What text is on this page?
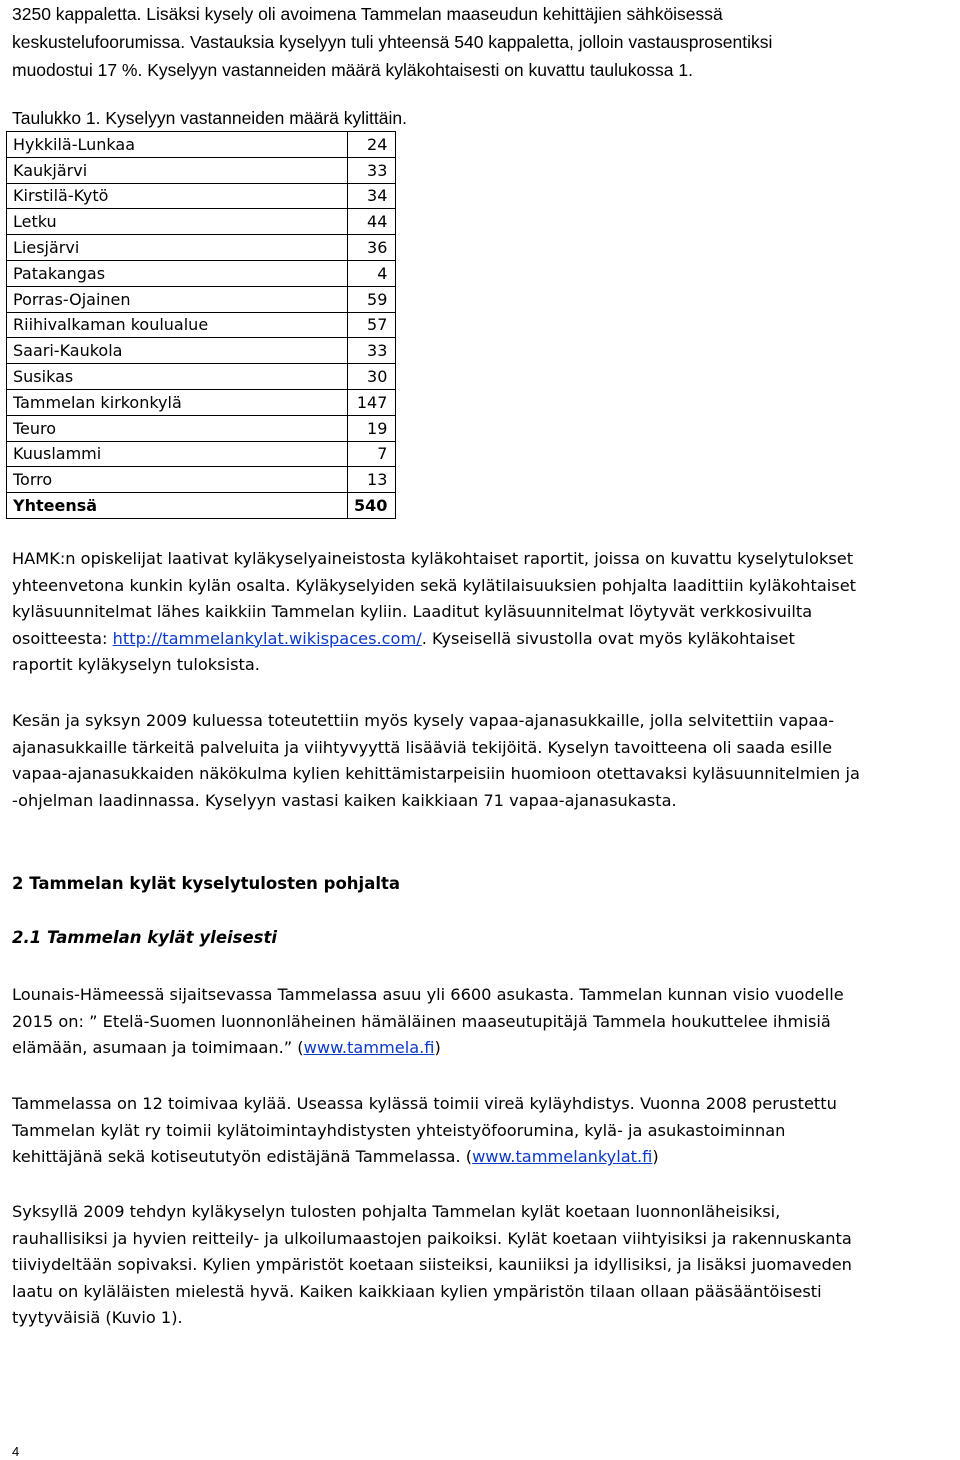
3250 kappaletta. Lisäksi kysely oli avoimena Tammelan maaseudun kehittäjien sähköisessä
keskustelufoorumissa. Vastauksia kyselyyn tuli yhteensä 540 kappaletta, jolloin vastausprosentiksi
muodostui 17 %. Kyselyyn vastanneiden määrä kyläkohtaisesti on kuvattu taulukossa 1.

Taulukko 1. Kyselyyn vastanneiden määrä kylittäin.

Hykkilä-Lunkaa	24
Kaukjärvi	33
Kirstilä-Kytö	34
Letku	44
Liesjärvi	36
Patakangas	4
Porras-Ojainen	59
Riihivalkaman koulualue	57
Saari-Kaukola	33
Susikas	30
Tammelan kirkonkylä	147
Teuro	19
Kuuslammi	7
Torro	13
Yhteensä	540

HAMK:n opiskelijat laativat kyläkyselyaineistosta kyläkohtaiset raportit, joissa on kuvattu kyselytulokset
yhteenvetona kunkin kylän osalta. Kyläkyselyiden sekä kylätilaisuuksien pohjalta laadittiin kyläkohtaiset
kyläsuunnitelmat lähes kaikkiin Tammelan kyliin. Laaditut kyläsuunnitelmat löytyvät verkkosivuilta
osoitteesta: http://tammelankylat.wikispaces.com/. Kyseisellä sivustolla ovat myös kyläkohtaiset
raportit kyläkyselyn tuloksista.

Kesän ja syksyn 2009 kuluessa toteutettiin myös kysely vapaa-ajanasukkaille, jolla selvitettiin vapaa-
ajanasukkaille tärkeitä palveluita ja viihtyvyyttä lisääviä tekijöitä. Kyselyn tavoitteena oli saada esille
vapaa-ajanasukkaiden näkökulma kylien kehittämistarpeisiin huomioon otettavaksi kyläsuunnitelmien ja
-ohjelman laadinnassa. Kyselyyn vastasi kaiken kaikkiaan 71 vapaa-ajanasukasta.

2 Tammelan kylät kyselytulosten pohjalta

2.1 Tammelan kylät yleisesti

Lounais-Hämeessä sijaitsevassa Tammelassa asuu yli 6600 asukasta. Tammelan kunnan visio vuodelle
2015 on: ” Etelä-Suomen luonnonläheinen hämäläinen maaseutupitäjä Tammela houkuttelee ihmisiä
elämään, asumaan ja toimimaan.” (www.tammela.fi)

Tammelassa on 12 toimivaa kylää. Useassa kylässä toimii vireä kyläyhdistys. Vuonna 2008 perustettu
Tammelan kylät ry toimii kylätoimintayhdistysten yhteistyöfoorumina, kylä- ja asukastoiminnan
kehittäjänä sekä kotiseututyön edistäjänä Tammelassa. (www.tammelankylat.fi)

Syksyllä 2009 tehdyn kyläkyselyn tulosten pohjalta Tammelan kylät koetaan luonnonläheisiksi,
rauhallisiksi ja hyvien reitteily- ja ulkoilumaastojen paikoiksi. Kylät koetaan viihtyisiksi ja rakennuskanta
tiiviydeltään sopivaksi. Kylien ympäristöt koetaan siisteiksi, kauniiksi ja idyllisiksi, ja lisäksi juomaveden
laatu on kyläläisten mielestä hyvä. Kaiken kaikkiaan kylien ympäristön tilaan ollaan pääsääntöisesti
tyytyväisiä (Kuvio 1).

4
